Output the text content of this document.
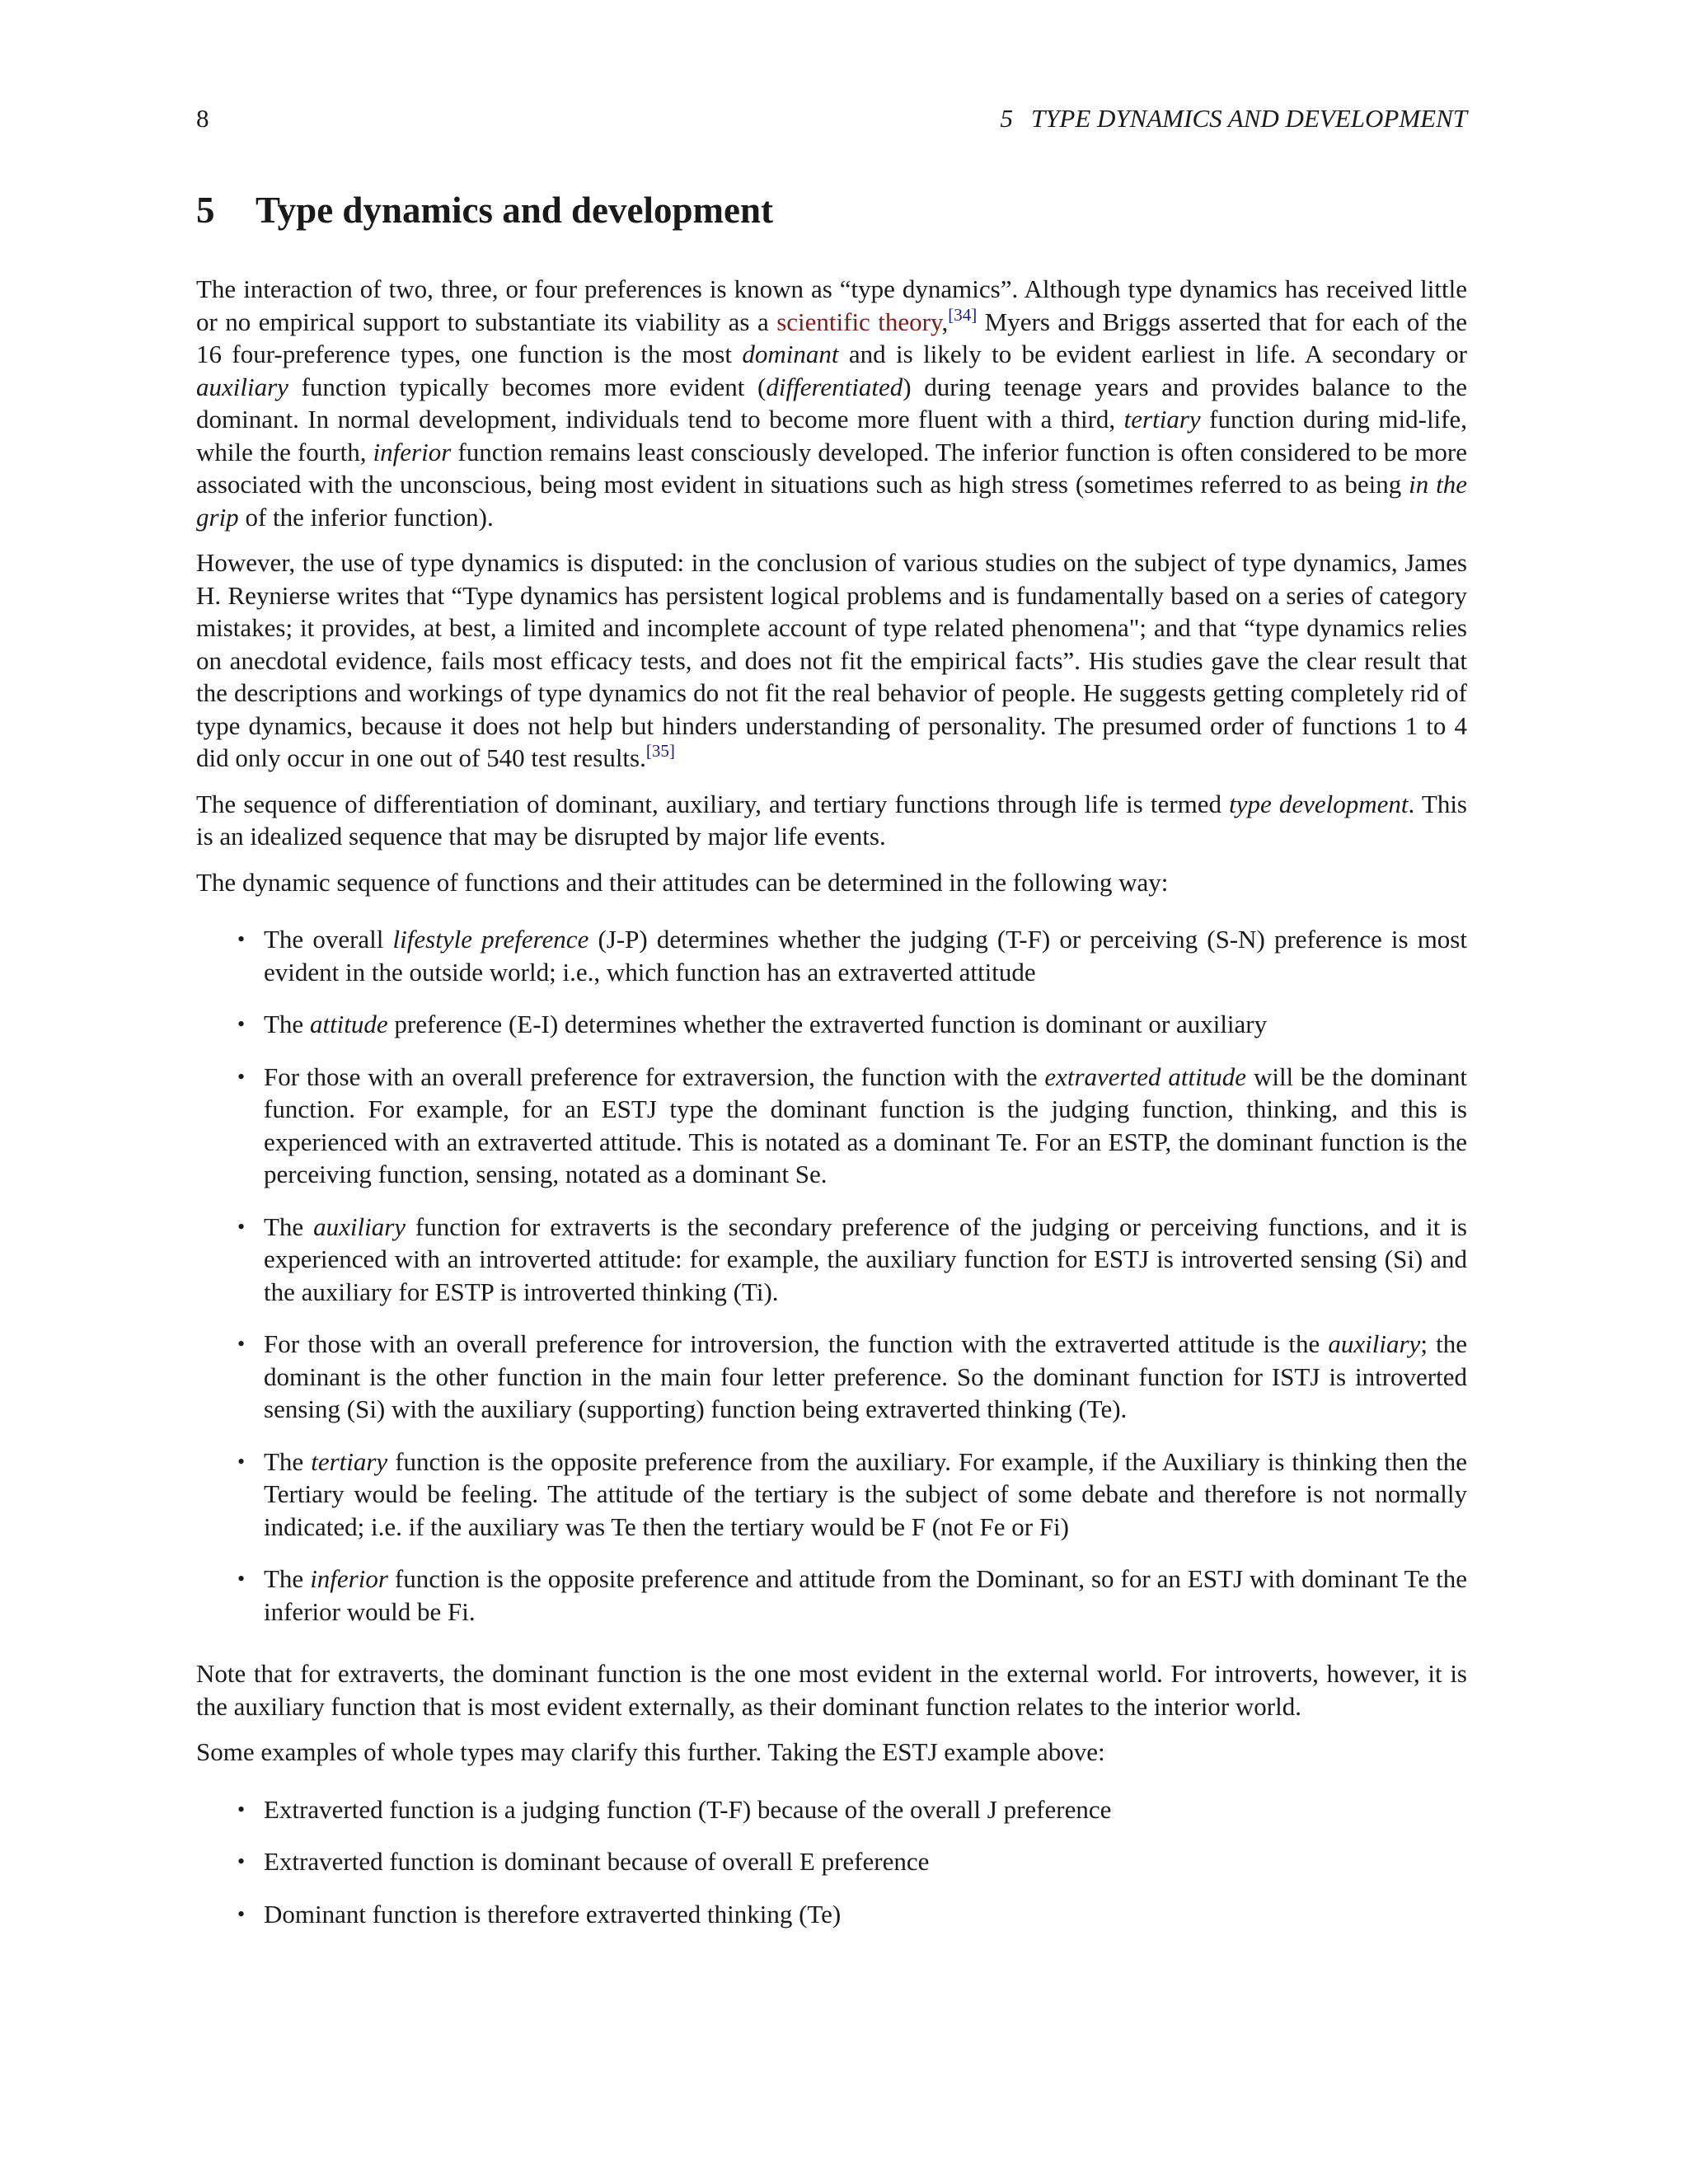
8	5 TYPE DYNAMICS AND DEVELOPMENT
5 Type dynamics and development

The interaction of two, three, or four preferences is known as “type dynamics”. Although type dynamics has received little or no empirical support to substantiate its viability as a scientific theory,[34] Myers and Briggs asserted that for each of the 16 four-preference types, one function is the most dominant and is likely to be evident earliest in life. A secondary or auxiliary function typically becomes more evident (differentiated) during teenage years and provides balance to the dominant. In normal development, individuals tend to become more fluent with a third, tertiary function during mid-life, while the fourth, inferior function remains least consciously developed. The inferior function is often considered to be more associated with the unconscious, being most evident in situations such as high stress (sometimes referred to as being in the grip of the inferior function).

However, the use of type dynamics is disputed: in the conclusion of various studies on the subject of type dynamics, James H. Reynierse writes that “Type dynamics has persistent logical problems and is fundamentally based on a series of category mistakes; it provides, at best, a limited and incomplete account of type related phenomena"; and that “type dynamics relies on anecdotal evidence, fails most efficacy tests, and does not fit the empirical facts”. His studies gave the clear result that the descriptions and workings of type dynamics do not fit the real behavior of people. He suggests getting completely rid of type dynamics, because it does not help but hinders understanding of personality. The presumed order of functions 1 to 4 did only occur in one out of 540 test results.[35]

The sequence of differentiation of dominant, auxiliary, and tertiary functions through life is termed type development. This is an idealized sequence that may be disrupted by major life events.

The dynamic sequence of functions and their attitudes can be determined in the following way:

• The overall lifestyle preference (J-P) determines whether the judging (T-F) or perceiving (S-N) preference is most evident in the outside world; i.e., which function has an extraverted attitude
• The attitude preference (E-I) determines whether the extraverted function is dominant or auxiliary
• For those with an overall preference for extraversion, the function with the extraverted attitude will be the dominant function. For example, for an ESTJ type the dominant function is the judging function, thinking, and this is experienced with an extraverted attitude. This is notated as a dominant Te. For an ESTP, the dominant function is the perceiving function, sensing, notated as a dominant Se.
• The auxiliary function for extraverts is the secondary preference of the judging or perceiving functions, and it is experienced with an introverted attitude: for example, the auxiliary function for ESTJ is introverted sensing (Si) and the auxiliary for ESTP is introverted thinking (Ti).
• For those with an overall preference for introversion, the function with the extraverted attitude is the auxiliary; the dominant is the other function in the main four letter preference. So the dominant function for ISTJ is introverted sensing (Si) with the auxiliary (supporting) function being extraverted thinking (Te).
• The tertiary function is the opposite preference from the auxiliary. For example, if the Auxiliary is thinking then the Tertiary would be feeling. The attitude of the tertiary is the subject of some debate and therefore is not normally indicated; i.e. if the auxiliary was Te then the tertiary would be F (not Fe or Fi)
• The inferior function is the opposite preference and attitude from the Dominant, so for an ESTJ with dominant Te the inferior would be Fi.

Note that for extraverts, the dominant function is the one most evident in the external world. For introverts, however, it is the auxiliary function that is most evident externally, as their dominant function relates to the interior world.

Some examples of whole types may clarify this further. Taking the ESTJ example above:

• Extraverted function is a judging function (T-F) because of the overall J preference
• Extraverted function is dominant because of overall E preference
• Dominant function is therefore extraverted thinking (Te)
